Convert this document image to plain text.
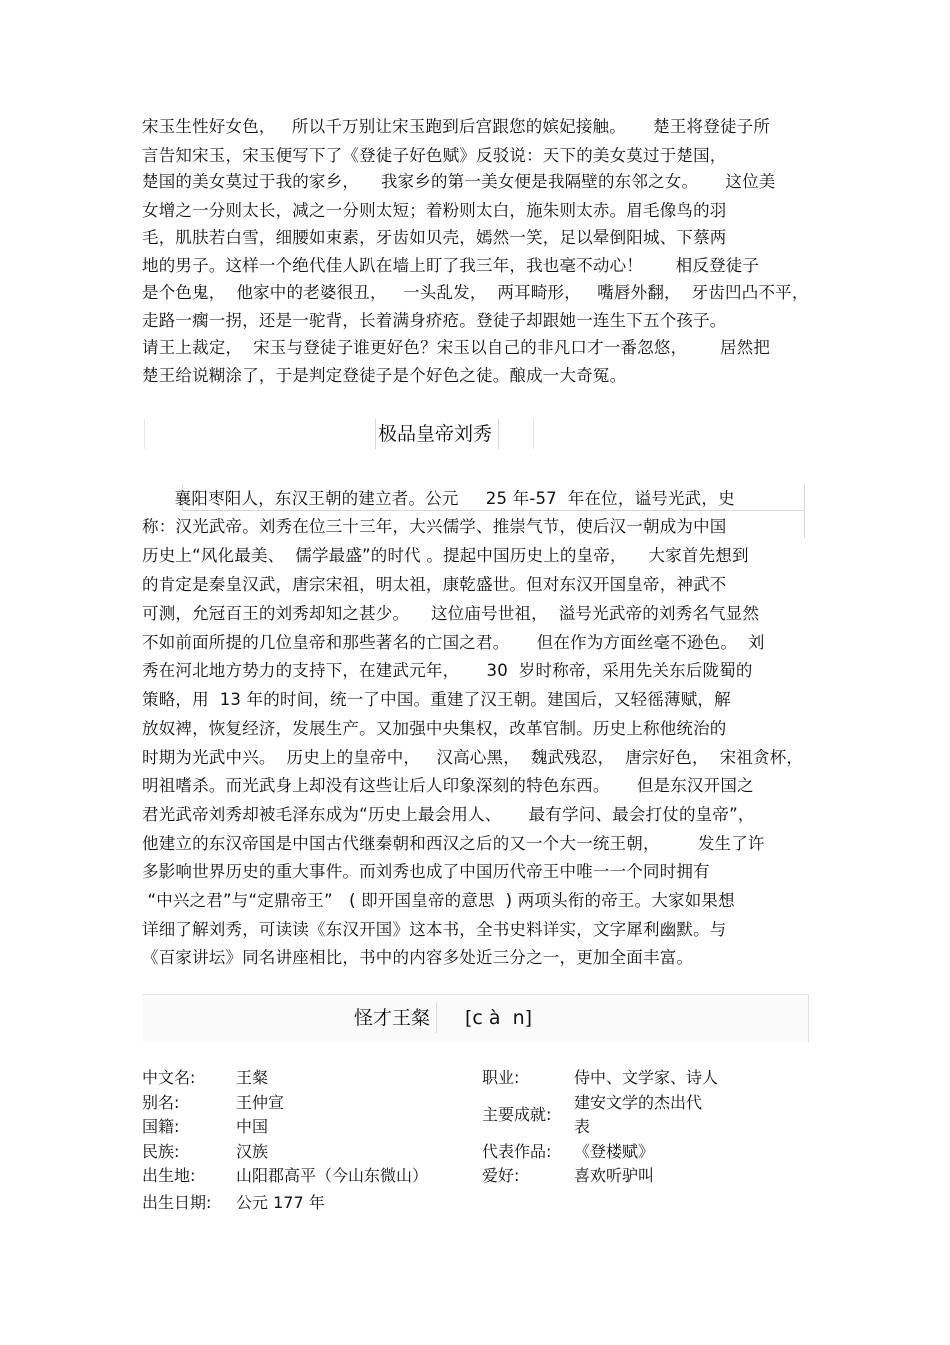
宋玉生性好女色，   所以千万别让宋玉跑到后宫跟您的嫔妃接触。     楚王将登徒子所
言告知宋玉，宋玉便写下了《登徒子好色赋》反驳说：天下的美女莫过于楚国，
楚国的美女莫过于我的家乡，    我家乡的第一美女便是我隔壁的东邻之女。     这位美
女增之一分则太长，减之一分则太短；着粉则太白，施朱则太赤。眉毛像鸟的羽
毛，肌肤若白雪，细腰如束素，牙齿如贝壳，嫣然一笑，足以晕倒阳城、下蔡两
地的男子。这样一个绝代佳人趴在墙上盯了我三年，我也毫不动心！      相反登徒子
是个色鬼，  他家中的老婆很丑，   一头乱发，  两耳畸形，   嘴唇外翻，  牙齿凹凸不平，
走路一瘸一拐，还是一驼背，长着满身疥疮。登徒子却跟她一连生下五个孩子。
请王上裁定，  宋玉与登徒子谁更好色？宋玉以自己的非凡口才一番忽悠，      居然把
楚王给说糊涂了，于是判定登徒子是个好色之徒。酿成一大奇冤。
极品皇帝刘秀
襄阳枣阳人，东汉王朝的建立者。公元     25 年-57  年在位，谥号光武，史
称：汉光武帝。刘秀在位三十三年，大兴儒学、推崇气节，使后汉一朝成为中国
历史上“风化最美、  儒学最盛”的时代 。提起中国历史上的皇帝，    大家首先想到
的肯定是秦皇汉武，唐宗宋祖，明太祖，康乾盛世。但对东汉开国皇帝，神武不
可测，允冠百王的刘秀却知之甚少。    这位庙号世祖，  溢号光武帝的刘秀名气显然
不如前面所提的几位皇帝和那些著名的亡国之君。     但在作为方面丝毫不逊色。  刘
秀在河北地方势力的支持下，在建武元年，     30  岁时称帝，采用先关东后陇蜀的
策略，用  13 年的时间，统一了中国。重建了汉王朝。建国后，又轻徭薄赋，解
放奴裨，恢复经济，发展生产。又加强中央集权，改革官制。历史上称他统治的
时期为光武中兴。  历史上的皇帝中，   汉高心黑，  魏武残忍，  唐宗好色，  宋祖贪杯，
明祖嗜杀。而光武身上却没有这些让后人印象深刻的特色东西。     但是东汉开国之
君光武帝刘秀却被毛泽东成为“历史上最会用人、     最有学问、最会打仗的皇帝”，
他建立的东汉帝国是中国古代继秦朝和西汉之后的又一个大一统王朝，       发生了许
多影响世界历史的重大事件。而刘秀也成了中国历代帝王中唯一一个同时拥有
“中兴之君”与“定鼎帝王”   ( 即开国皇帝的意思  ) 两项头衔的帝王。大家如果想
详细了解刘秀，可读读《东汉开国》这本书，全书史料详实，文字犀利幽默。与
《百家讲坛》同名讲座相比，书中的内容多处近三分之一，更加全面丰富。
怪才王粲	[c à  n]
中文名:	王粲
别名:	王仲宣
国籍:	中国
民族:	汉族
出生地:	山阳郡高平（今山东微山）
出生日期: 公元 177 年
职业:	侍中、文学家、诗人
主要成就:
建安文学的杰出代
表
代表作品: 《登楼赋》
爱好:	喜欢听驴叫
